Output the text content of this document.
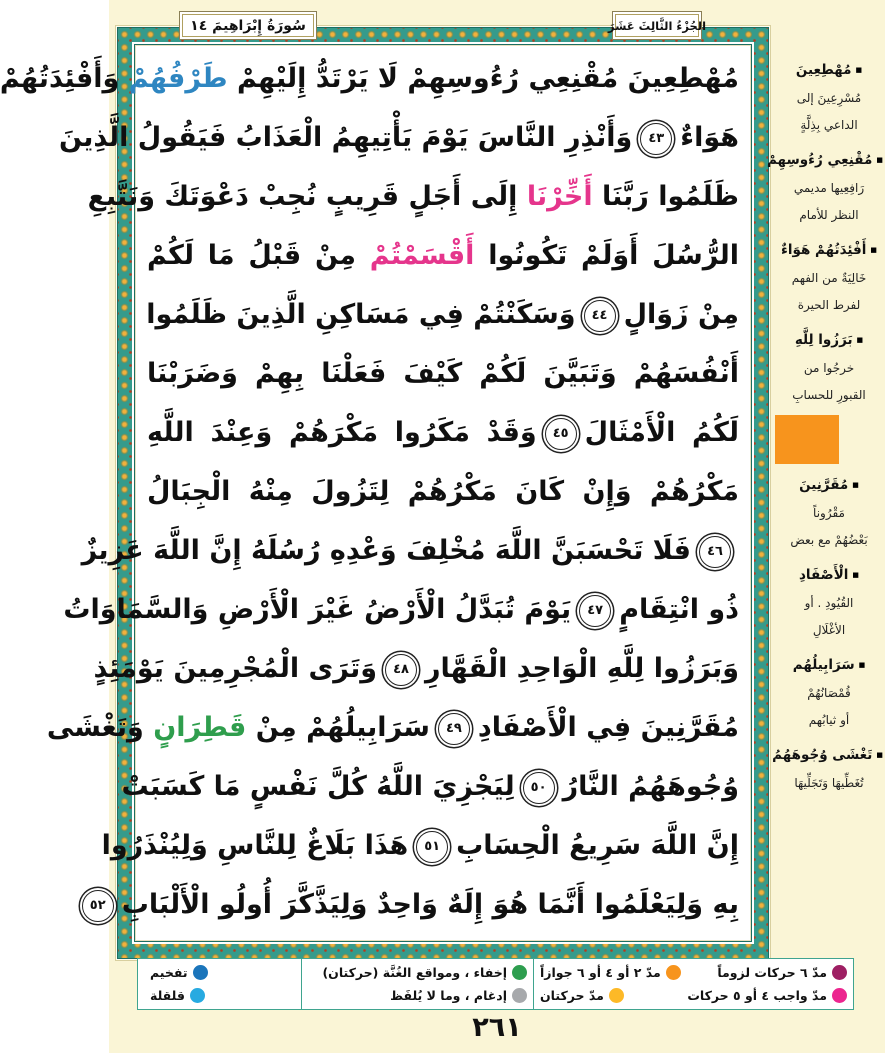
مُهْطِعِينَ مُقْنِعِي رُءُوسِهِمْ لَا يَرْتَدُّ إِلَيْهِمْ طَرْفُهُمْ وَأَفْئِدَتُهُمْ
هَوَاءٌ٤٣وَأَنْذِرِ النَّاسَ يَوْمَ يَأْتِيهِمُ الْعَذَابُ فَيَقُولُ الَّذِينَ
ظَلَمُوا رَبَّنَا أَخِّرْنَا إِلَى أَجَلٍ قَرِيبٍ نُجِبْ دَعْوَتَكَ وَنَتَّبِعِ
الرُّسُلَ أَوَلَمْ تَكُونُوا أَقْسَمْتُمْ مِنْ قَبْلُ مَا لَكُمْ
مِنْ زَوَالٍ٤٤وَسَكَنْتُمْ فِي مَسَاكِنِ الَّذِينَ ظَلَمُوا
أَنْفُسَهُمْ وَتَبَيَّنَ لَكُمْ كَيْفَ فَعَلْنَا بِهِمْ وَضَرَبْنَا
لَكُمُ الْأَمْثَالَ٤٥وَقَدْ مَكَرُوا مَكْرَهُمْ وَعِنْدَ اللَّهِ
مَكْرُهُمْ وَإِنْ كَانَ مَكْرُهُمْ لِتَزُولَ مِنْهُ الْجِبَالُ
٤٦فَلَا تَحْسَبَنَّ اللَّهَ مُخْلِفَ وَعْدِهِ رُسُلَهُ إِنَّ اللَّهَ عَزِيزٌ
ذُو انْتِقَامٍ٤٧يَوْمَ تُبَدَّلُ الْأَرْضُ غَيْرَ الْأَرْضِ وَالسَّمَاوَاتُ
وَبَرَزُوا لِلَّهِ الْوَاحِدِ الْقَهَّارِ٤٨وَتَرَى الْمُجْرِمِينَ يَوْمَئِذٍ
مُقَرَّنِينَ فِي الْأَصْفَادِ٤٩سَرَابِيلُهُمْ مِنْ قَطِرَانٍ وَتَغْشَى
وُجُوهَهُمُ النَّارُ٥٠لِيَجْزِيَ اللَّهُ كُلَّ نَفْسٍ مَا كَسَبَتْ
إِنَّ اللَّهَ سَرِيعُ الْحِسَابِ٥١هَذَا بَلَاغٌ لِلنَّاسِ وَلِيُنْذَرُوا
بِهِ وَلِيَعْلَمُوا أَنَّمَا هُوَ إِلَهٌ وَاحِدٌ وَلِيَذَّكَّرَ أُولُو الْأَلْبَابِ٥٢
سُورَةُ إِبْرَاهِيمَ ١٤	الجُزْءُ الثَّالِثَ عَشَرَ
■ مُهْطِعِينَ
مُسْرِعِينَ إلى
الداعي بِذِلَّةٍ
■ مُقْنِعِي رُءُوسِهِمْ
رَافِعِيها مديمي
النظر للأمام
■ أَفْئِدَتُهُمْ هَوَاءٌ
خَالِيَةٌ من الفهم
لفرط الحيرة
■ بَرَزُوا لِلَّهِ
خرجُوا من
القبورِ للحسابِ
■ مُقَرَّنِينَ
مَقْرُوناً
بَعْضُهُمْ مع بعض
■ الْأَصْفَادِ
القُيُودِ . أو
الأغْلَالِ
■ سَرَابِيلُهُم
قُمْصَانُهُمْ
أو ثيابُهم
■ تَغْشَى وُجُوهَهُمُ
تُغَطِّيهَا وَتَجَلِّيهَا
مدّ ٦ حركات لزوماً
مدّ ٢ أو ٤ أو ٦ جوازاً
مدّ واجب ٤ أو ٥ حركات
مدّ حركتان
إخفاء ، ومواقع الغُنَّة (حركتان)
إدغام ، وما لا يُلفَظ
تفخيم
قلقلة
٢٦١
